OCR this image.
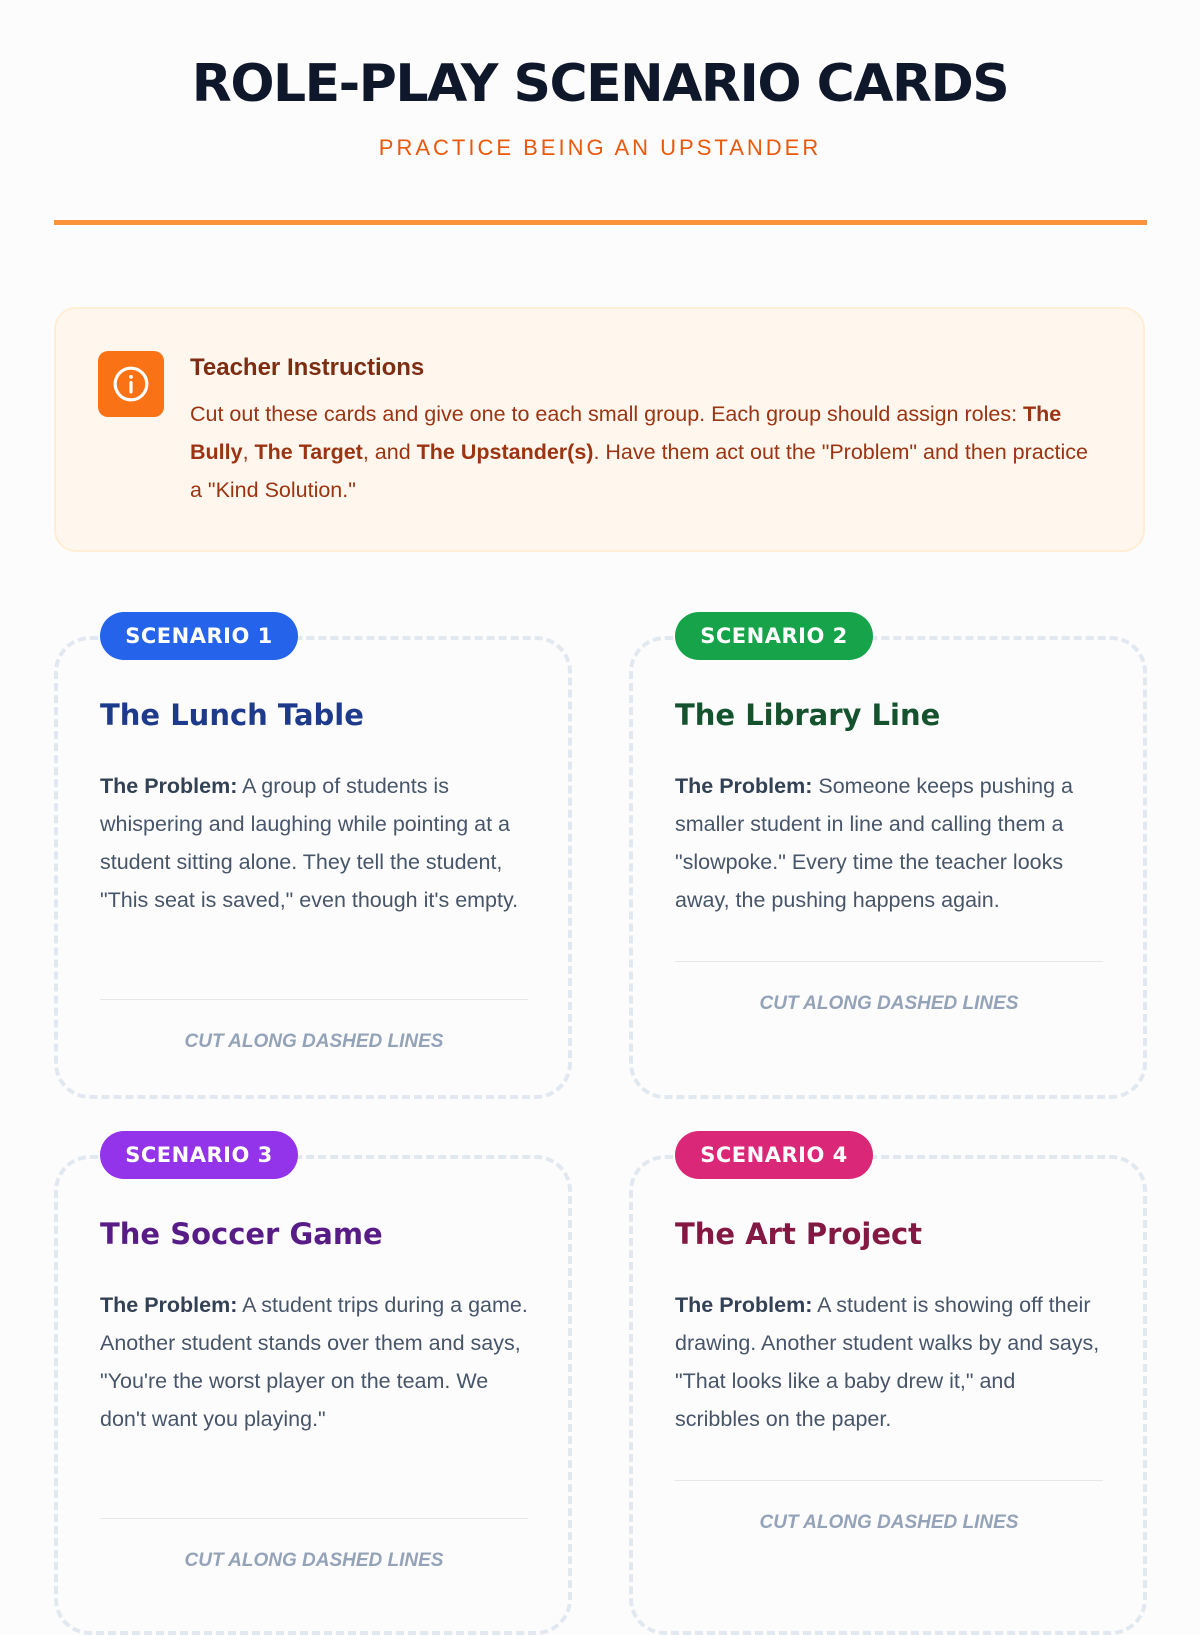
ROLE-PLAY SCENARIO CARDS
PRACTICE BEING AN UPSTANDER
Teacher Instructions
Cut out these cards and give one to each small group. Each group should assign roles: The Bully, The Target, and The Upstander(s). Have them act out the "Problem" and then practice a "Kind Solution."
SCENARIO 1
The Lunch Table
The Problem: A group of students is whispering and laughing while pointing at a student sitting alone. They tell the student, "This seat is saved," even though it's empty.
CUT ALONG DASHED LINES
SCENARIO 2
The Library Line
The Problem: Someone keeps pushing a smaller student in line and calling them a "slowpoke." Every time the teacher looks away, the pushing happens again.
CUT ALONG DASHED LINES
SCENARIO 3
The Soccer Game
The Problem: A student trips during a game. Another student stands over them and says, "You're the worst player on the team. We don't want you playing."
CUT ALONG DASHED LINES
SCENARIO 4
The Art Project
The Problem: A student is showing off their drawing. Another student walks by and says, "That looks like a baby drew it," and scribbles on the paper.
CUT ALONG DASHED LINES
